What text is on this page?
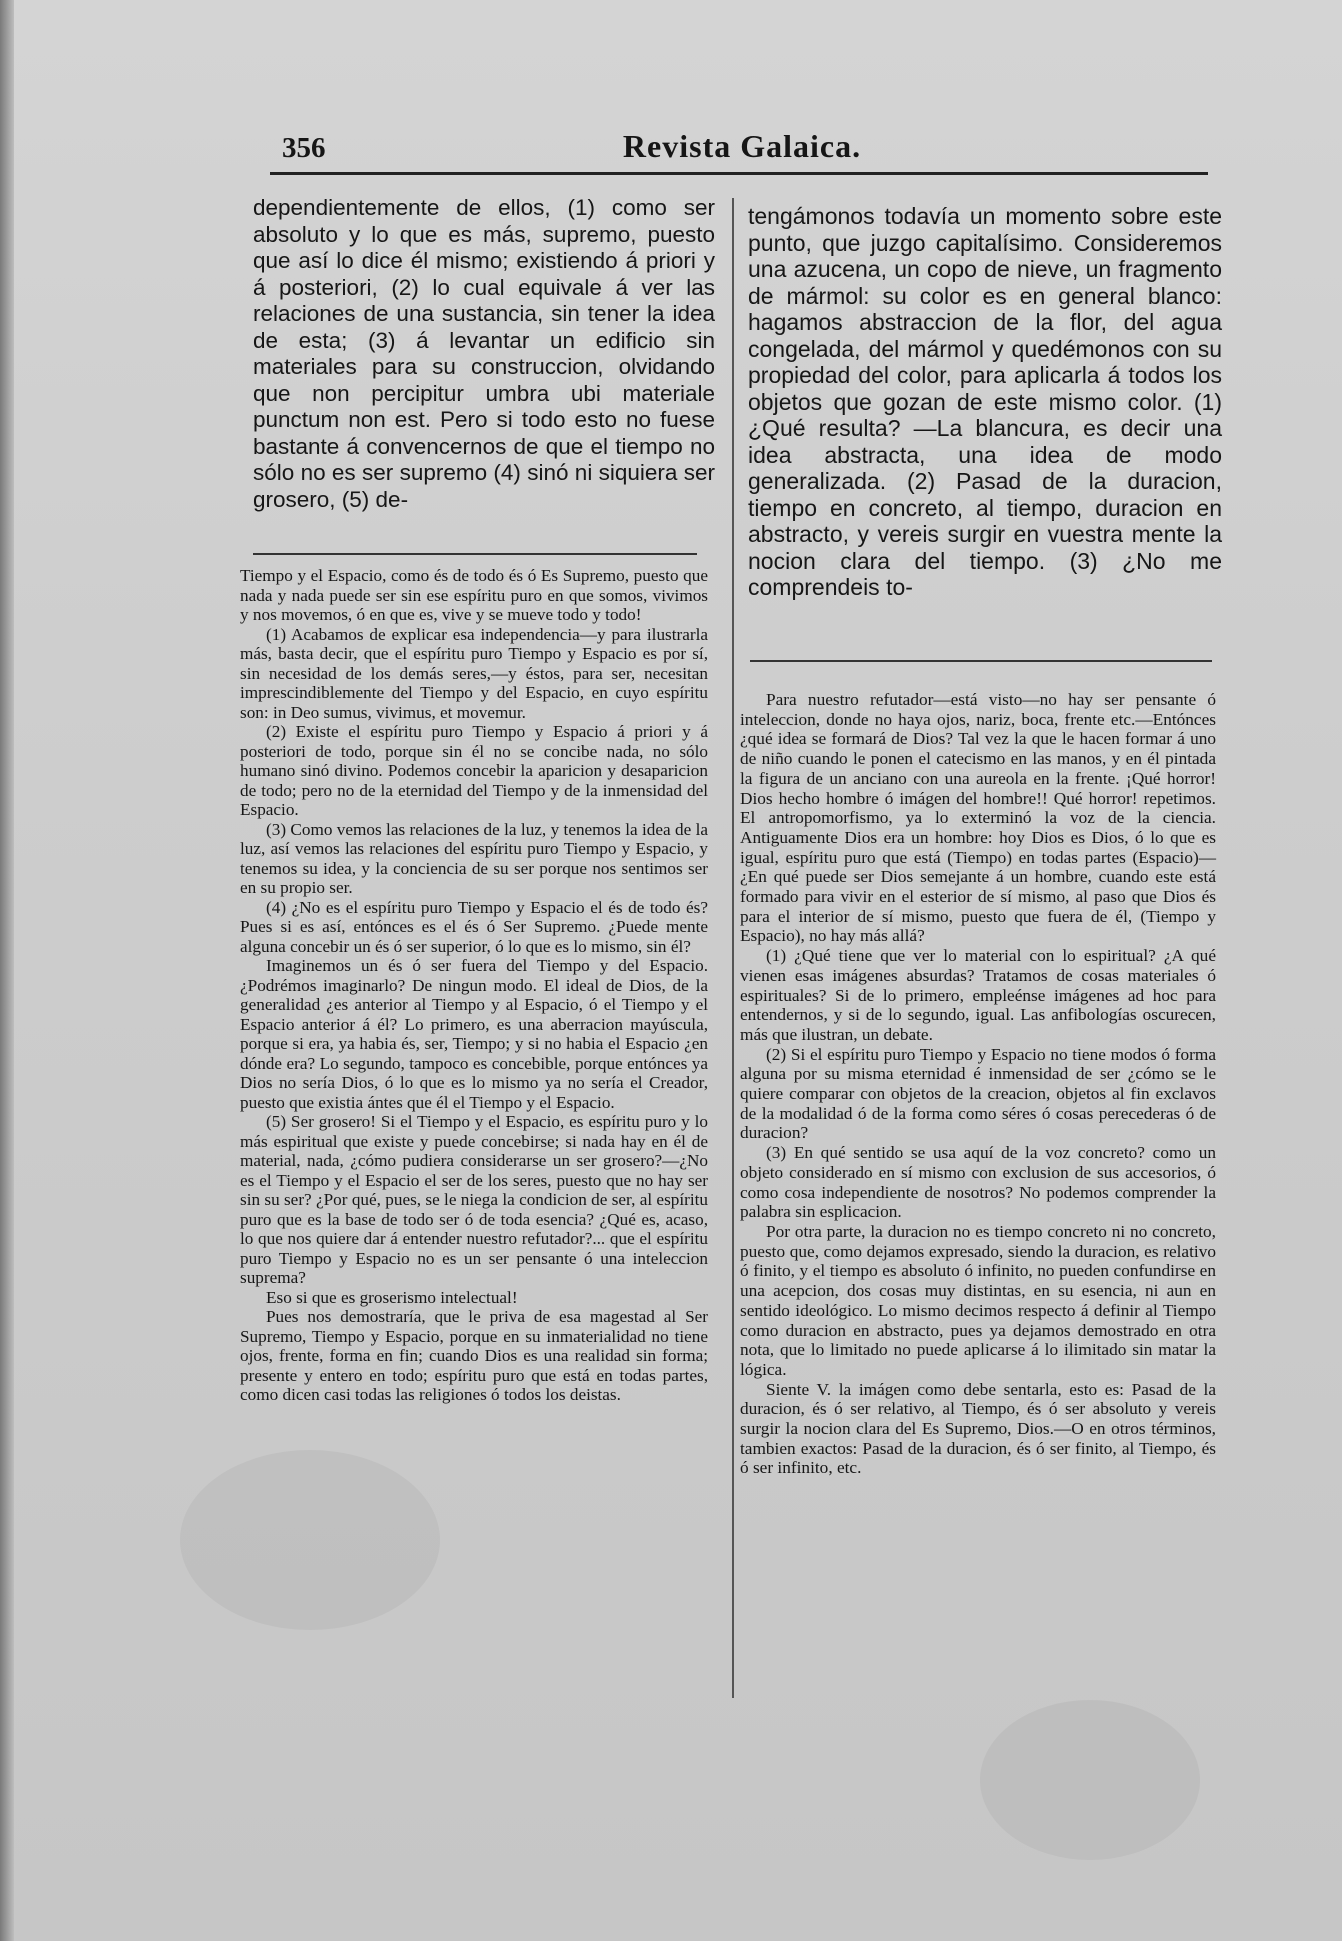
356	Revista Galaica.

dependientemente de ellos, (1) como ser absoluto y lo que es más, supremo, puesto que así lo dice él mismo; existiendo á priori y á posteriori, (2) lo cual equivale á ver las relaciones de una sustancia, sin tener la idea de esta; (3) á levantar un edificio sin materiales para su construccion, olvidando que non percipitur umbra ubi materiale punctum non est. Pero si todo esto no fuese bastante á convencernos de que el tiempo no sólo no es ser supremo (4) sinó ni siquiera ser grosero, (5) de-

tengámonos todavía un momento sobre este punto, que juzgo capitalísimo. Consideremos una azucena, un copo de nieve, un fragmento de mármol: su color es en general blanco: hagamos abstraccion de la flor, del agua congelada, del mármol y quedémonos con su propiedad del color, para aplicarla á todos los objetos que gozan de este mismo color. (1) ¿Qué resulta? —La blancura, es decir una idea abstracta, una idea de modo generalizada. (2) Pasad de la duracion, tiempo en concreto, al tiempo, duracion en abstracto, y vereis surgir en vuestra mente la nocion clara del tiempo. (3) ¿No me comprendeis to-

Tiempo y el Espacio, como és de todo és ó Es Supremo, puesto que nada y nada puede ser sin ese espíritu puro en que somos, vivimos y nos movemos, ó en que es, vive y se mueve todo y todo!

(1) Acabamos de explicar esa independencia—y para ilustrarla más, basta decir, que el espíritu puro Tiempo y Espacio es por sí, sin necesidad de los demás seres,—y éstos, para ser, necesitan imprescindiblemente del Tiempo y del Espacio, en cuyo espíritu son: in Deo sumus, vivimus, et movemur.

(2) Existe el espíritu puro Tiempo y Espacio á priori y á posteriori de todo, porque sin él no se concibe nada, no sólo humano sinó divino. Podemos concebir la aparicion y desaparicion de todo; pero no de la eternidad del Tiempo y de la inmensidad del Espacio.

(3) Como vemos las relaciones de la luz, y tenemos la idea de la luz, así vemos las relaciones del espíritu puro Tiempo y Espacio, y tenemos su idea, y la conciencia de su ser porque nos sentimos ser en su propio ser.

(4) ¿No es el espíritu puro Tiempo y Espacio el és de todo és? Pues si es así, entónces es el és ó Ser Supremo. ¿Puede mente alguna concebir un és ó ser superior, ó lo que es lo mismo, sin él?

Imaginemos un és ó ser fuera del Tiempo y del Espacio. ¿Podrémos imaginarlo? De ningun modo. El ideal de Dios, de la generalidad ¿es anterior al Tiempo y al Espacio, ó el Tiempo y el Espacio anterior á él? Lo primero, es una aberracion mayúscula, porque si era, ya habia és, ser, Tiempo; y si no habia el Espacio ¿en dónde era? Lo segundo, tampoco es concebible, porque entónces ya Dios no sería Dios, ó lo que es lo mismo ya no sería el Creador, puesto que existia ántes que él el Tiempo y el Espacio.

(5) Ser grosero! Si el Tiempo y el Espacio, es espíritu puro y lo más espiritual que existe y puede concebirse; si nada hay en él de material, nada, ¿cómo pudiera considerarse un ser grosero?—¿No es el Tiempo y el Espacio el ser de los seres, puesto que no hay ser sin su ser? ¿Por qué, pues, se le niega la condicion de ser, al espíritu puro que es la base de todo ser ó de toda esencia? ¿Qué es, acaso, lo que nos quiere dar á entender nuestro refutador?... que el espíritu puro Tiempo y Espacio no es un ser pensante ó una inteleccion suprema?

Eso si que es groserismo intelectual!

Pues nos demostraría, que le priva de esa magestad al Ser Supremo, Tiempo y Espacio, porque en su inmaterialidad no tiene ojos, frente, forma en fin; cuando Dios es una realidad sin forma; presente y entero en todo; espíritu puro que está en todas partes, como dicen casi todas las religiones ó todos los deistas.

Para nuestro refutador—está visto—no hay ser pensante ó inteleccion, donde no haya ojos, nariz, boca, frente etc.—Entónces ¿qué idea se formará de Dios? Tal vez la que le hacen formar á uno de niño cuando le ponen el catecismo en las manos, y en él pintada la figura de un anciano con una aureola en la frente. ¡Qué horror! Dios hecho hombre ó imágen del hombre!! Qué horror! repetimos. El antropomorfismo, ya lo exterminó la voz de la ciencia. Antiguamente Dios era un hombre: hoy Dios es Dios, ó lo que es igual, espíritu puro que está (Tiempo) en todas partes (Espacio)—¿En qué puede ser Dios semejante á un hombre, cuando este está formado para vivir en el esterior de sí mismo, al paso que Dios és para el interior de sí mismo, puesto que fuera de él, (Tiempo y Espacio), no hay más allá?

(1) ¿Qué tiene que ver lo material con lo espiritual? ¿A qué vienen esas imágenes absurdas? Tratamos de cosas materiales ó espirituales? Si de lo primero, empleénse imágenes ad hoc para entendernos, y si de lo segundo, igual. Las anfibologías oscurecen, más que ilustran, un debate.

(2) Si el espíritu puro Tiempo y Espacio no tiene modos ó forma alguna por su misma eternidad é inmensidad de ser ¿cómo se le quiere comparar con objetos de la creacion, objetos al fin exclavos de la modalidad ó de la forma como séres ó cosas perecederas ó de duracion?

(3) En qué sentido se usa aquí de la voz concreto? como un objeto considerado en sí mismo con exclusion de sus accesorios, ó como cosa independiente de nosotros? No podemos comprender la palabra sin esplicacion.

Por otra parte, la duracion no es tiempo concreto ni no concreto, puesto que, como dejamos expresado, siendo la duracion, es relativo ó finito, y el tiempo es absoluto ó infinito, no pueden confundirse en una acepcion, dos cosas muy distintas, en su esencia, ni aun en sentido ideológico. Lo mismo decimos respecto á definir al Tiempo como duracion en abstracto, pues ya dejamos demostrado en otra nota, que lo limitado no puede aplicarse á lo ilimitado sin matar la lógica.

Siente V. la imágen como debe sentarla, esto es: Pasad de la duracion, és ó ser relativo, al Tiempo, és ó ser absoluto y vereis surgir la nocion clara del Es Supremo, Dios.—O en otros términos, tambien exactos: Pasad de la duracion, és ó ser finito, al Tiempo, és ó ser infinito, etc.
